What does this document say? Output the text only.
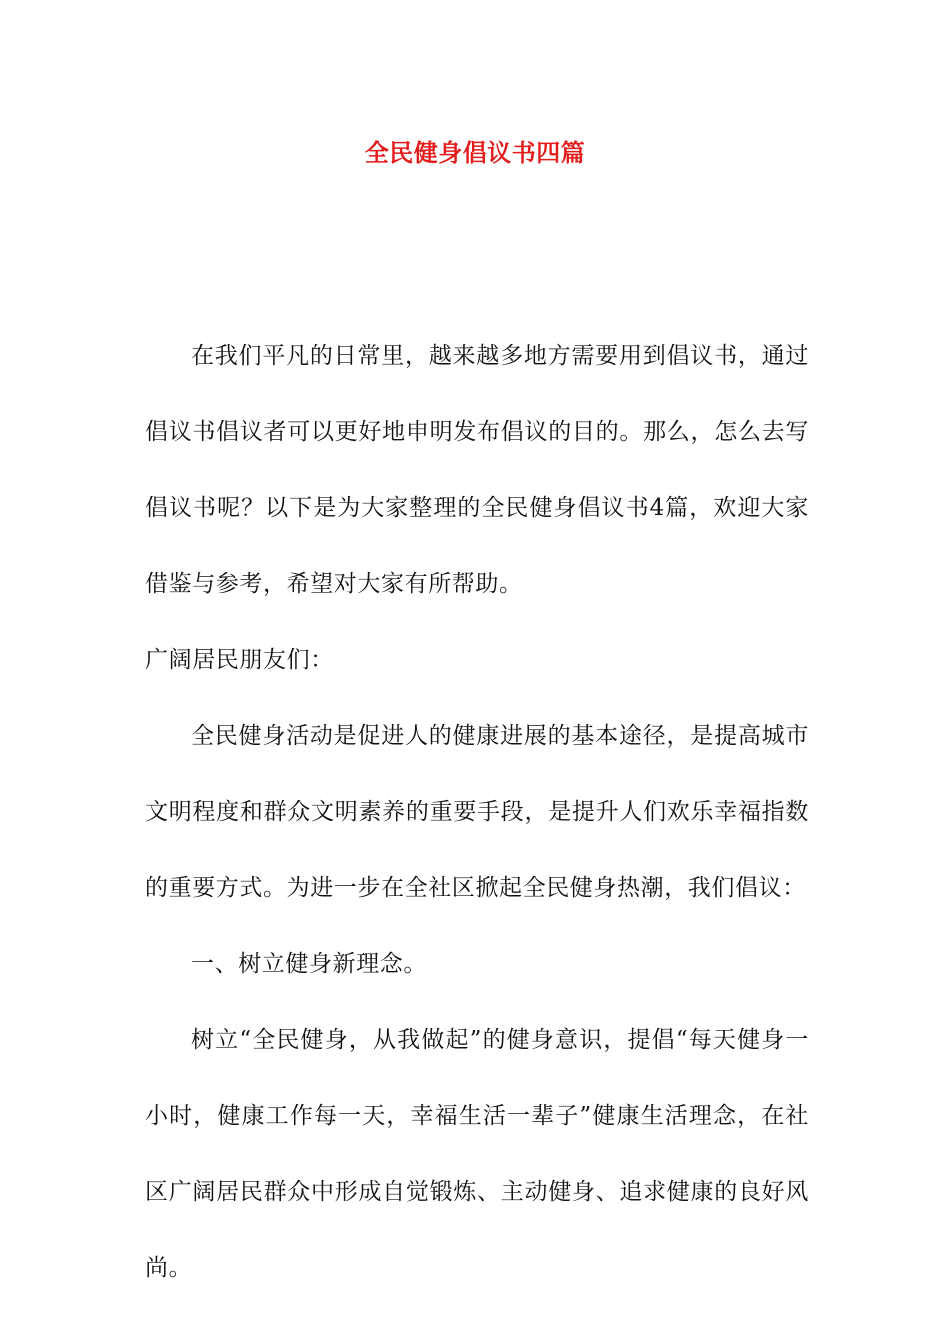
全民健身倡议书四篇

在我们平凡的日常里，越来越多地方需要用到倡议书，通过倡议书倡议者可以更好地申明发布倡议的目的。那么，怎么去写倡议书呢？以下是为大家整理的全民健身倡议书4篇，欢迎大家借鉴与参考，希望对大家有所帮助。

广阔居民朋友们：

全民健身活动是促进人的健康进展的基本途径，是提高城市文明程度和群众文明素养的重要手段，是提升人们欢乐幸福指数的重要方式。为进一步在全社区掀起全民健身热潮，我们倡议：

一、树立健身新理念。

树立“全民健身，从我做起”的健身意识，提倡“每天健身一小时，健康工作每一天，幸福生活一辈子”健康生活理念，在社区广阔居民群众中形成自觉锻炼、主动健身、追求健康的良好风尚。
